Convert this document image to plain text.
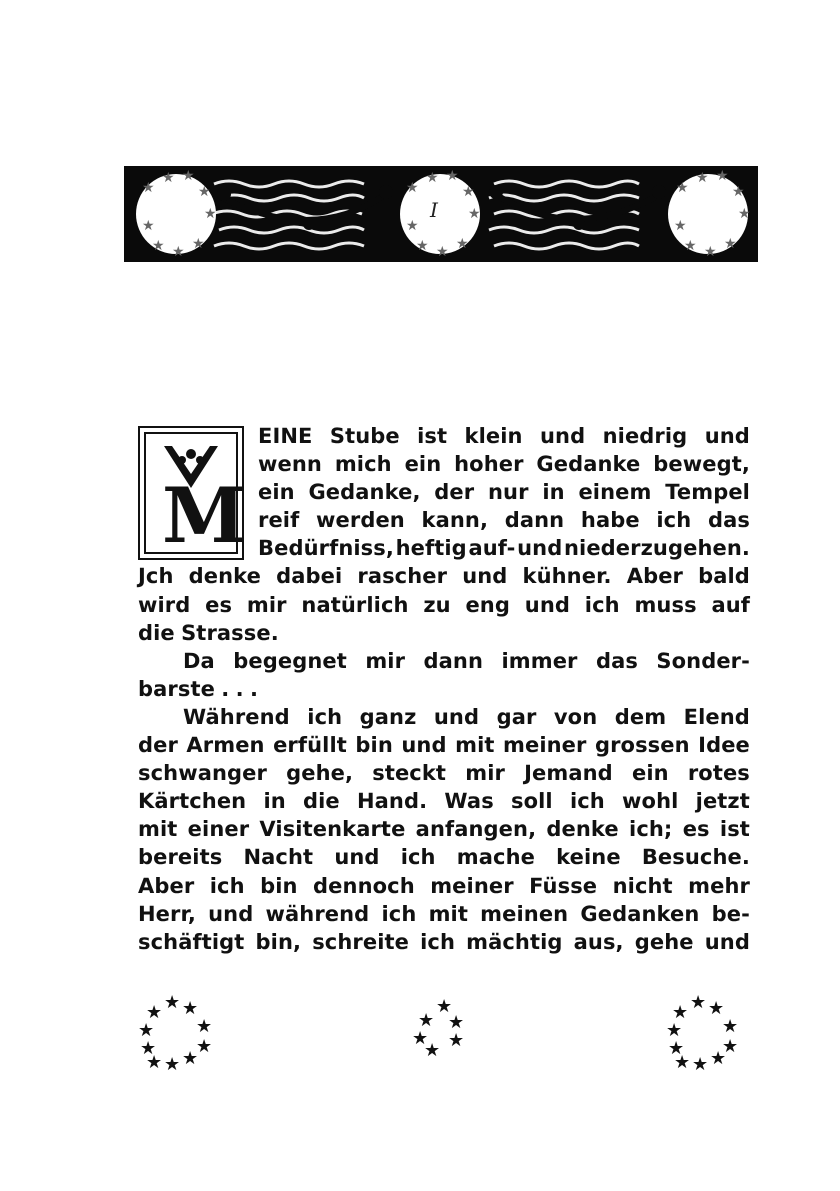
★
★ ★
★
★
★
★ ★ ★
★
★ ★
★
★
★
★ ★ ★
★
★ ★
★
★
★
★ ★ ★
I
M
EINE Stube ist klein und niedrig und
wenn mich ein hoher Gedanke bewegt,
ein Gedanke, der nur in einem Tempel
reif werden kann, dann habe ich das
Bedürfniss, heftig auf- und niederzugehen.
Jch denke dabei rascher und kühner. Aber bald
wird es mir natürlich zu eng und ich muss auf
die Strasse.
Da begegnet mir dann immer das Sonder-
barste . . .
Während ich ganz und gar von dem Elend
der Armen erfüllt bin und mit meiner grossen Idee
schwanger gehe, steckt mir Jemand ein rotes
Kärtchen in die Hand. Was soll ich wohl jetzt
mit einer Visitenkarte anfangen, denke ich; es ist
bereits Nacht und ich mache keine Besuche.
Aber ich bin dennoch meiner Füsse nicht mehr
Herr, und während ich mit meinen Gedanken be-
schäftigt bin, schreite ich mächtig aus, gehe und
★ ★ ★
★ ★
★ ★
★ ★ ★
★
★
★
★ ★
★
★ ★ ★
★ ★
★ ★
★ ★ ★
